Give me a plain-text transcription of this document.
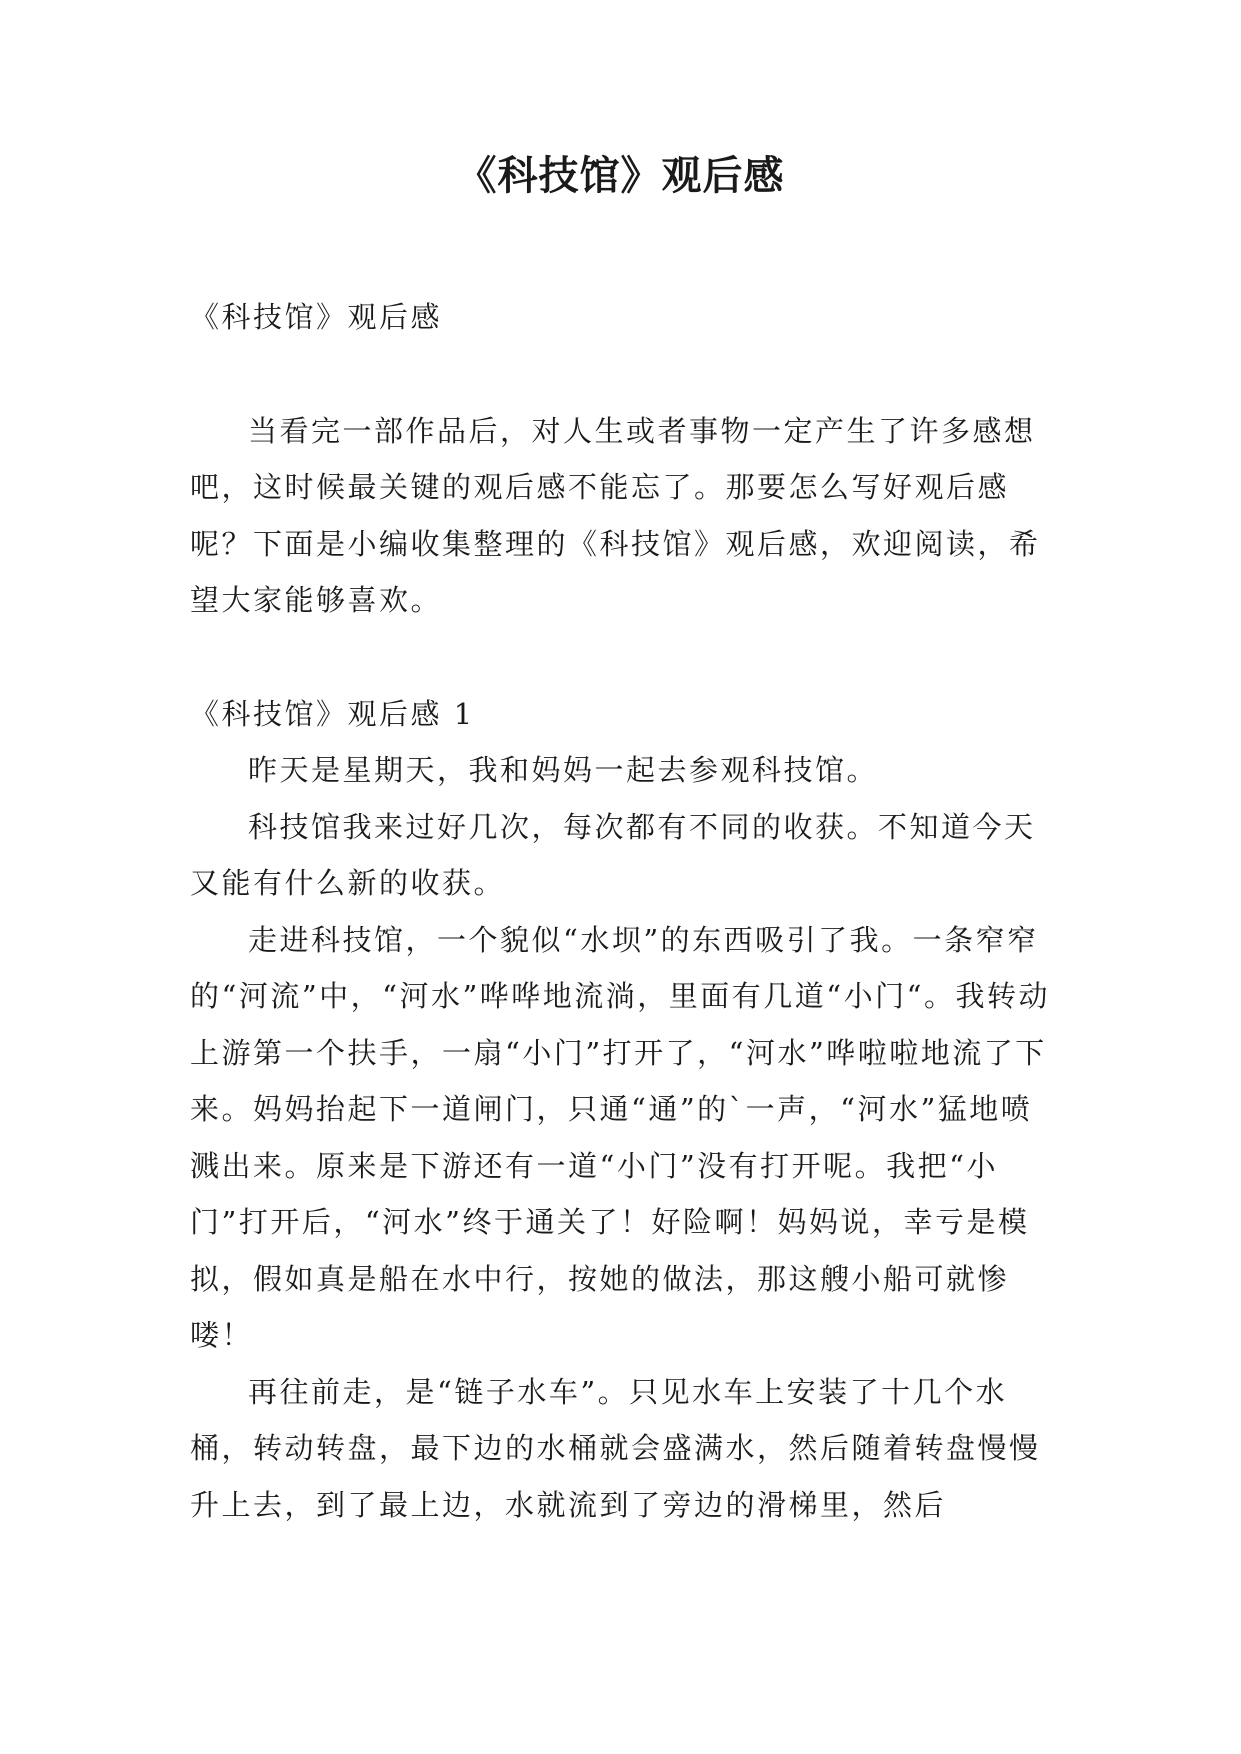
《科技馆》观后感

《科技馆》观后感

当看完一部作品后，对人生或者事物一定产生了许多感想吧，这时候最关键的观后感不能忘了。那要怎么写好观后感呢？下面是小编收集整理的《科技馆》观后感，欢迎阅读，希望大家能够喜欢。

《科技馆》观后感 1

昨天是星期天，我和妈妈一起去参观科技馆。

科技馆我来过好几次，每次都有不同的收获。不知道今天又能有什么新的收获。

走进科技馆，一个貌似“水坝”的东西吸引了我。一条窄窄的“河流”中，“河水”哗哗地流淌，里面有几道“小门“。我转动上游第一个扶手，一扇“小门”打开了，“河水”哗啦啦地流了下来。妈妈抬起下一道闸门，只通“通”的`一声，“河水”猛地喷溅出来。原来是下游还有一道“小门”没有打开呢。我把“小门”打开后，“河水”终于通关了！好险啊！妈妈说，幸亏是模拟，假如真是船在水中行，按她的做法，那这艘小船可就惨喽！

再往前走，是“链子水车”。只见水车上安装了十几个水桶，转动转盘，最下边的水桶就会盛满水，然后随着转盘慢慢升上去，到了最上边，水就流到了旁边的滑梯里，然后
